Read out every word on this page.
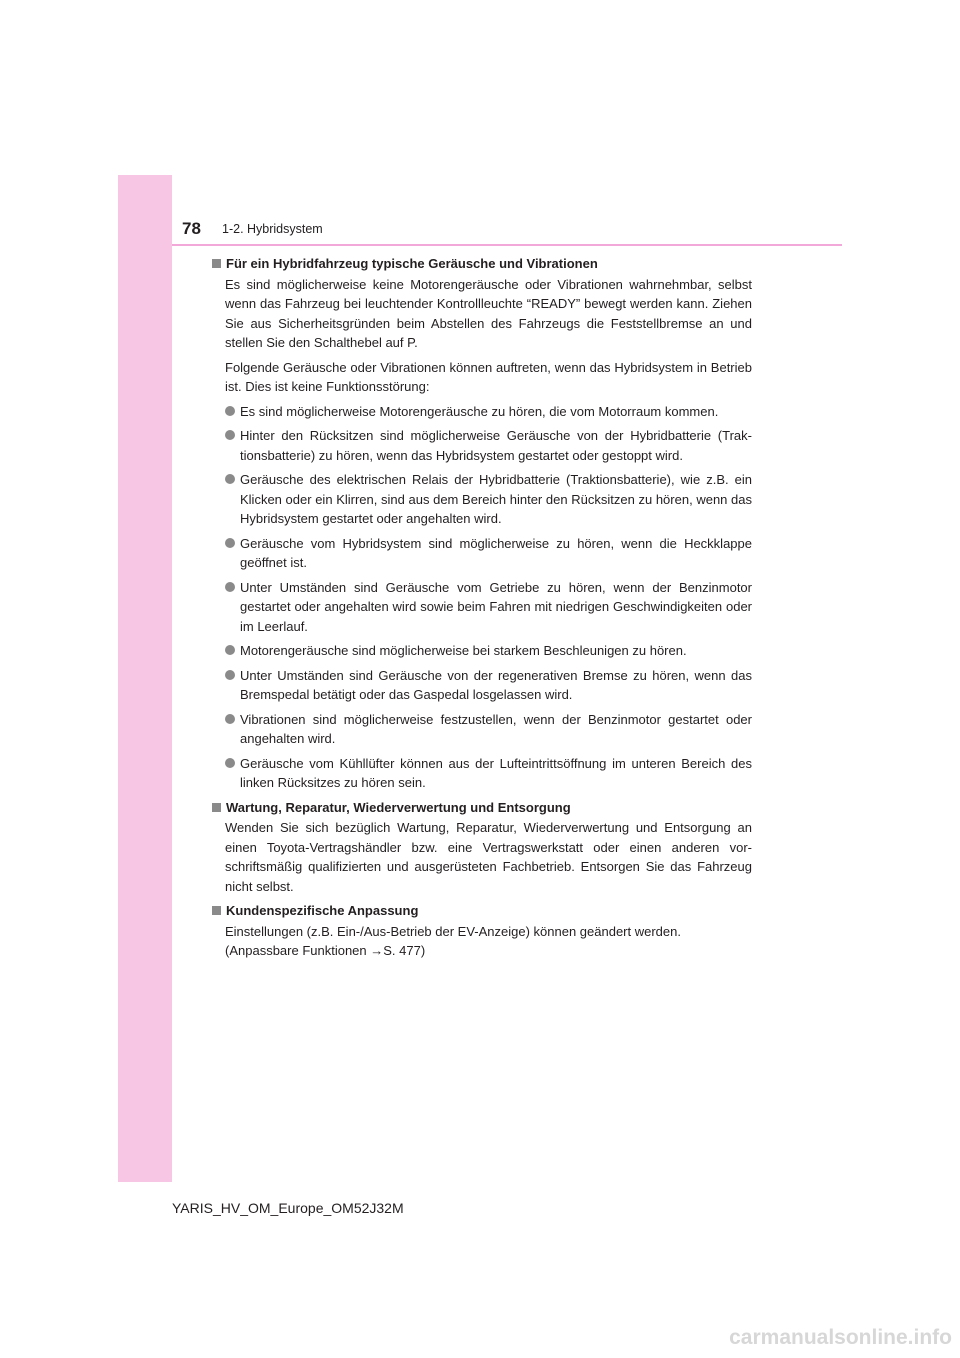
78 1-2. Hybridsystem
Für ein Hybridfahrzeug typische Geräusche und Vibrationen

Es sind möglicherweise keine Motorengeräusche oder Vibrationen wahrnehmbar, selbst wenn das Fahrzeug bei leuchtender Kontrollleuchte “READY” bewegt werden kann. Ziehen Sie aus Sicherheitsgründen beim Abstellen des Fahrzeugs die Feststellbremse an und stellen Sie den Schalthebel auf P.

Folgende Geräusche oder Vibrationen können auftreten, wenn das Hybridsystem in Betrieb ist. Dies ist keine Funktionsstörung:

Es sind möglicherweise Motorengeräusche zu hören, die vom Motorraum kommen.
Hinter den Rücksitzen sind möglicherweise Geräusche von der Hybridbatterie (Traktionsbatterie) zu hören, wenn das Hybridsystem gestartet oder gestoppt wird.
Geräusche des elektrischen Relais der Hybridbatterie (Traktionsbatterie), wie z.B. ein Klicken oder ein Klirren, sind aus dem Bereich hinter den Rücksitzen zu hören, wenn das Hybridsystem gestartet oder angehalten wird.
Geräusche vom Hybridsystem sind möglicherweise zu hören, wenn die Heckklappe geöffnet ist.
Unter Umständen sind Geräusche vom Getriebe zu hören, wenn der Benzinmotor gestartet oder angehalten wird sowie beim Fahren mit niedrigen Geschwindigkeiten oder im Leerlauf.
Motorengeräusche sind möglicherweise bei starkem Beschleunigen zu hören.
Unter Umständen sind Geräusche von der regenerativen Bremse zu hören, wenn das Bremspedal betätigt oder das Gaspedal losgelassen wird.
Vibrationen sind möglicherweise festzustellen, wenn der Benzinmotor gestartet oder angehalten wird.
Geräusche vom Kühllüfter können aus der Lufteintrittsöffnung im unteren Bereich des linken Rücksitzes zu hören sein.
Wartung, Reparatur, Wiederverwertung und Entsorgung

Wenden Sie sich bezüglich Wartung, Reparatur, Wiederverwertung und Entsorgung an einen Toyota-Vertragshändler bzw. eine Vertragswerkstatt oder einen anderen vorschriftsmäßig qualifizierten und ausgerüsteten Fachbetrieb. Entsorgen Sie das Fahrzeug nicht selbst.

Kundenspezifische Anpassung

Einstellungen (z.B. Ein-/Aus-Betrieb der EV-Anzeige) können geändert werden.
(Anpassbare Funktionen →S. 477)

YARIS_HV_OM_Europe_OM52J32M
carmanualsonline.info
